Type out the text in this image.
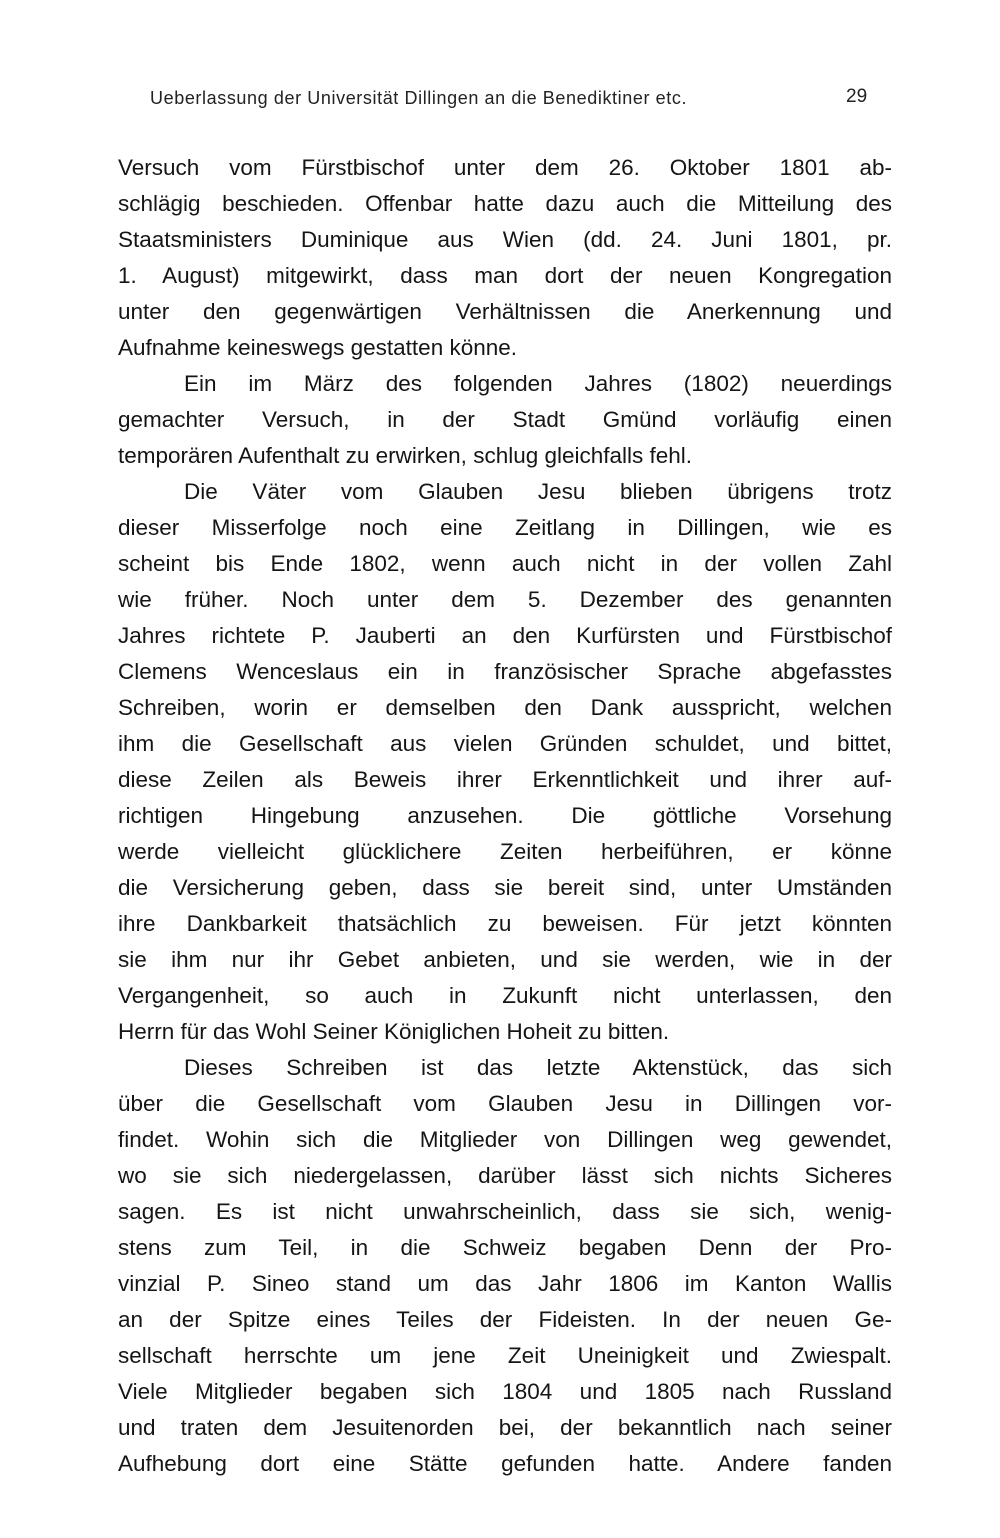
Ueberlassung der Universität Dillingen an die Benediktiner etc.	29
Versuch vom Fürstbischof unter dem 26. Oktober 1801 ab-
schlägig beschieden. Offenbar hatte dazu auch die Mitteilung des
Staatsministers Duminique aus Wien (dd. 24. Juni 1801, pr.
1. August) mitgewirkt, dass man dort der neuen Kongregation
unter den gegenwärtigen Verhältnissen die Anerkennung und
Aufnahme keineswegs gestatten könne.
Ein im März des folgenden Jahres (1802) neuerdings
gemachter Versuch, in der Stadt Gmünd vorläufig einen
temporären Aufenthalt zu erwirken, schlug gleichfalls fehl.
Die Väter vom Glauben Jesu blieben übrigens trotz
dieser Misserfolge noch eine Zeitlang in Dillingen, wie es
scheint bis Ende 1802, wenn auch nicht in der vollen Zahl
wie früher. Noch unter dem 5. Dezember des genannten
Jahres richtete P. Jauberti an den Kurfürsten und Fürstbischof
Clemens Wenceslaus ein in französischer Sprache abgefasstes
Schreiben, worin er demselben den Dank ausspricht, welchen
ihm die Gesellschaft aus vielen Gründen schuldet, und bittet,
diese Zeilen als Beweis ihrer Erkenntlichkeit und ihrer auf-
richtigen Hingebung anzusehen. Die göttliche Vorsehung
werde vielleicht glücklichere Zeiten herbeiführen, er könne
die Versicherung geben, dass sie bereit sind, unter Umständen
ihre Dankbarkeit thatsächlich zu beweisen. Für jetzt könnten
sie ihm nur ihr Gebet anbieten, und sie werden, wie in der
Vergangenheit, so auch in Zukunft nicht unterlassen, den
Herrn für das Wohl Seiner Königlichen Hoheit zu bitten.
Dieses Schreiben ist das letzte Aktenstück, das sich
über die Gesellschaft vom Glauben Jesu in Dillingen vor-
findet. Wohin sich die Mitglieder von Dillingen weg gewendet,
wo sie sich niedergelassen, darüber lässt sich nichts Sicheres
sagen. Es ist nicht unwahrscheinlich, dass sie sich, wenig-
stens zum Teil, in die Schweiz begaben Denn der Pro-
vinzial P. Sineo stand um das Jahr 1806 im Kanton Wallis
an der Spitze eines Teiles der Fideisten. In der neuen Ge-
sellschaft herrschte um jene Zeit Uneinigkeit und Zwiespalt.
Viele Mitglieder begaben sich 1804 und 1805 nach Russland
und traten dem Jesuitenorden bei, der bekanntlich nach seiner
Aufhebung dort eine Stätte gefunden hatte. Andere fanden
